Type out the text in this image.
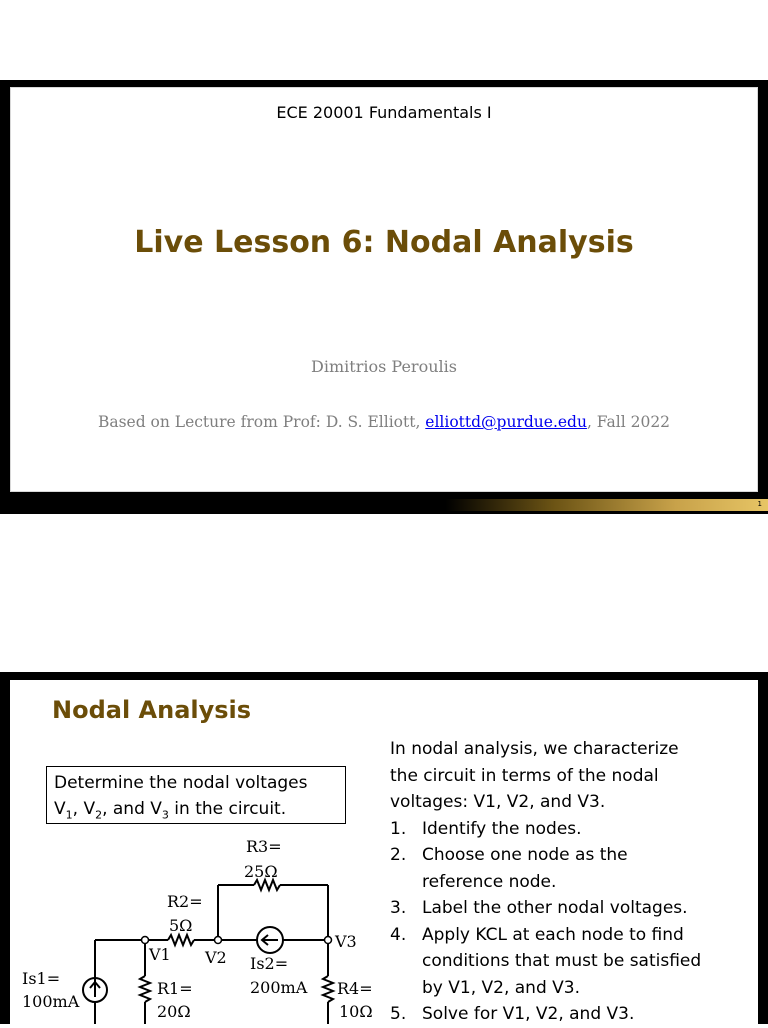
ECE 20001 Fundamentals I
Live Lesson 6: Nodal Analysis
Dimitrios Peroulis
Based on Lecture from Prof: D. S. Elliott, elliottd@purdue.edu, Fall 2022
1
Nodal Analysis
Determine the nodal voltages
$V_1$, $V_2$, and $V_3$ in the circuit.
In nodal analysis, we characterize
the circuit in terms of the nodal
voltages: V1, V2, and V3.
1. Identify the nodes.
2. Choose one node as the
reference node.
3. Label the other nodal voltages.
4. Apply KCL at each node to find
conditions that must be satisfied
by V1, V2, and V3.
5. Solve for V1, V2, and V3.
R3=
25Ω
R2=
5Ω
V1 V2
V3
Is2=
200mA
Is1=
100mA
R1=
20Ω
R4=
10Ω
